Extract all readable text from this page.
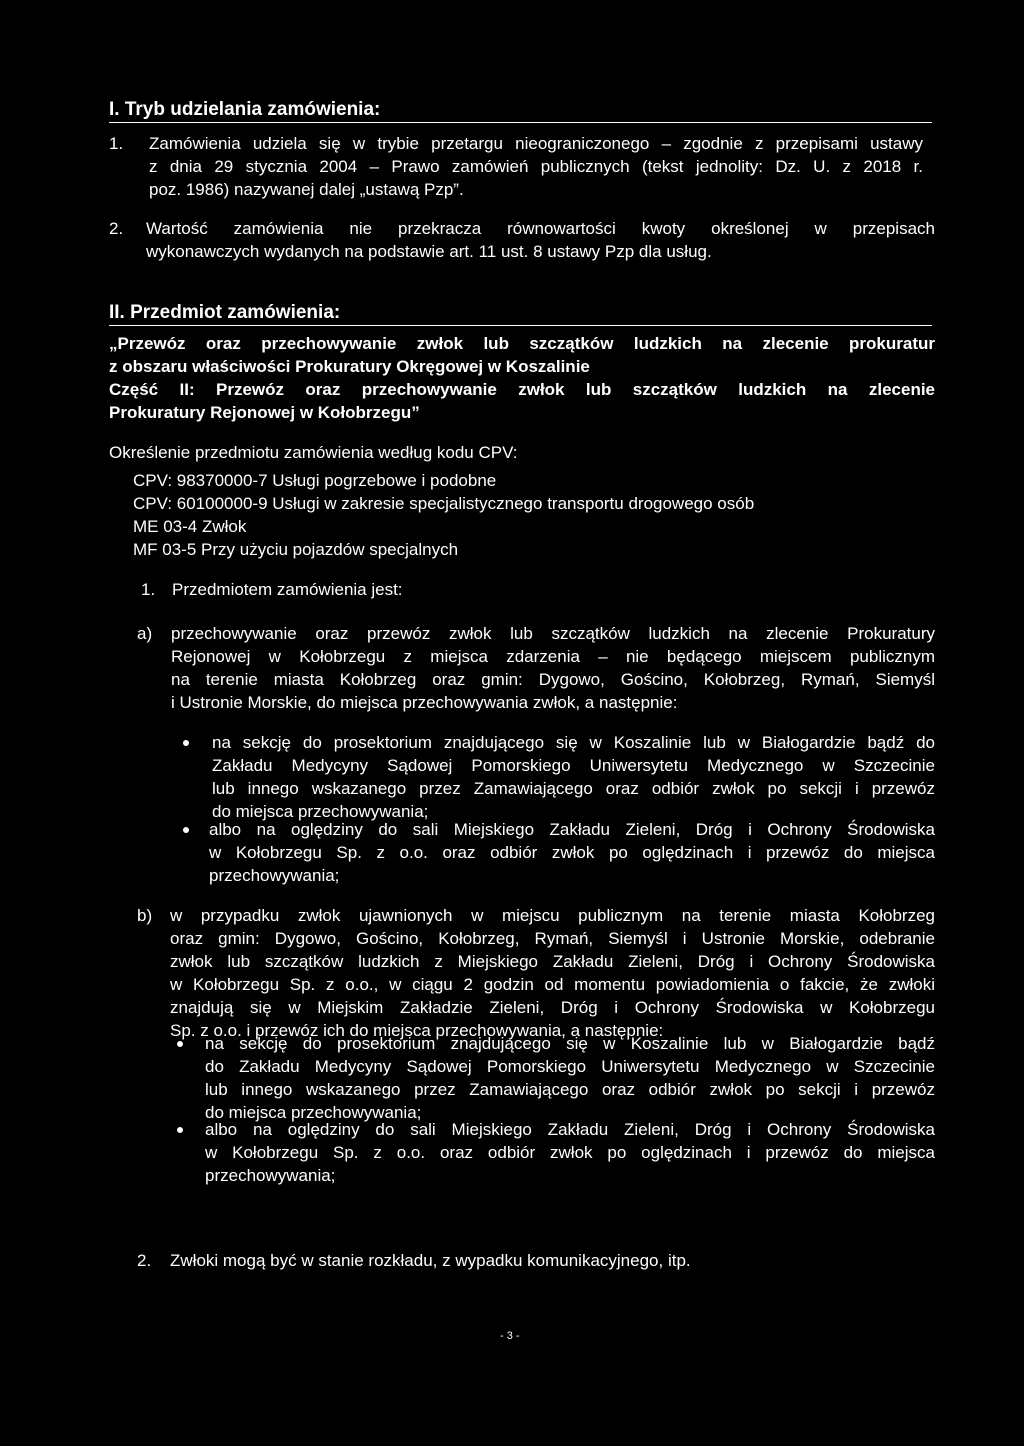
I. Tryb udzielania zamówienia:
1. Zamówienia udziela się w trybie przetargu nieograniczonego – zgodnie z przepisami ustawy
z dnia 29 stycznia 2004 – Prawo zamówień publicznych (tekst jednolity: Dz. U. z 2018 r.
poz. 1986) nazywanej dalej „ustawą Pzp”.
2. Wartość zamówienia nie przekracza równowartości kwoty określonej w przepisach
wykonawczych wydanych na podstawie art. 11 ust. 8 ustawy Pzp dla usług.
II. Przedmiot zamówienia:
„Przewóz oraz przechowywanie zwłok lub szczątków ludzkich na zlecenie prokuratur
z obszaru właściwości Prokuratury Okręgowej w Koszalinie
Część II: Przewóz oraz przechowywanie zwłok lub szczątków ludzkich na zlecenie
Prokuratury Rejonowej w Kołobrzegu”
Określenie przedmiotu zamówienia według kodu CPV:
CPV: 98370000-7 Usługi pogrzebowe i podobne
CPV: 60100000-9 Usługi w zakresie specjalistycznego transportu drogowego osób
ME 03-4 Zwłok
MF 03-5 Przy użyciu pojazdów specjalnych
1. Przedmiotem zamówienia jest:
a) przechowywanie oraz przewóz zwłok lub szczątków ludzkich na zlecenie Prokuratury
Rejonowej w Kołobrzegu z miejsca zdarzenia – nie będącego miejscem publicznym
na terenie miasta Kołobrzeg oraz gmin: Dygowo, Gościno, Kołobrzeg, Rymań, Siemyśl
i Ustronie Morskie, do miejsca przechowywania zwłok, a następnie:
na sekcję do prosektorium znajdującego się w Koszalinie lub w Białogardzie bądź do
Zakładu Medycyny Sądowej Pomorskiego Uniwersytetu Medycznego w Szczecinie
lub innego wskazanego przez Zamawiającego oraz odbiór zwłok po sekcji i przewóz
do miejsca przechowywania;
albo na oględziny do sali Miejskiego Zakładu Zieleni, Dróg i Ochrony Środowiska
w Kołobrzegu Sp. z o.o. oraz odbiór zwłok po oględzinach i przewóz do miejsca
przechowywania;
b) w przypadku zwłok ujawnionych w miejscu publicznym na terenie miasta Kołobrzeg
oraz gmin: Dygowo, Gościno, Kołobrzeg, Rymań, Siemyśl i Ustronie Morskie, odebranie
zwłok lub szczątków ludzkich z Miejskiego Zakładu Zieleni, Dróg i Ochrony Środowiska
w Kołobrzegu Sp. z o.o., w ciągu 2 godzin od momentu powiadomienia o fakcie, że zwłoki
znajdują się w Miejskim Zakładzie Zieleni, Dróg i Ochrony Środowiska w Kołobrzegu
Sp. z o.o. i przewóz ich do miejsca przechowywania, a następnie:
na sekcję do prosektorium znajdującego się w Koszalinie lub w Białogardzie bądź
do Zakładu Medycyny Sądowej Pomorskiego Uniwersytetu Medycznego w Szczecinie
lub innego wskazanego przez Zamawiającego oraz odbiór zwłok po sekcji i przewóz
do miejsca przechowywania;
albo na oględziny do sali Miejskiego Zakładu Zieleni, Dróg i Ochrony Środowiska
w Kołobrzegu Sp. z o.o. oraz odbiór zwłok po oględzinach i przewóz do miejsca
przechowywania;
2. Zwłoki mogą być w stanie rozkładu, z wypadku komunikacyjnego, itp.
- 3 -
